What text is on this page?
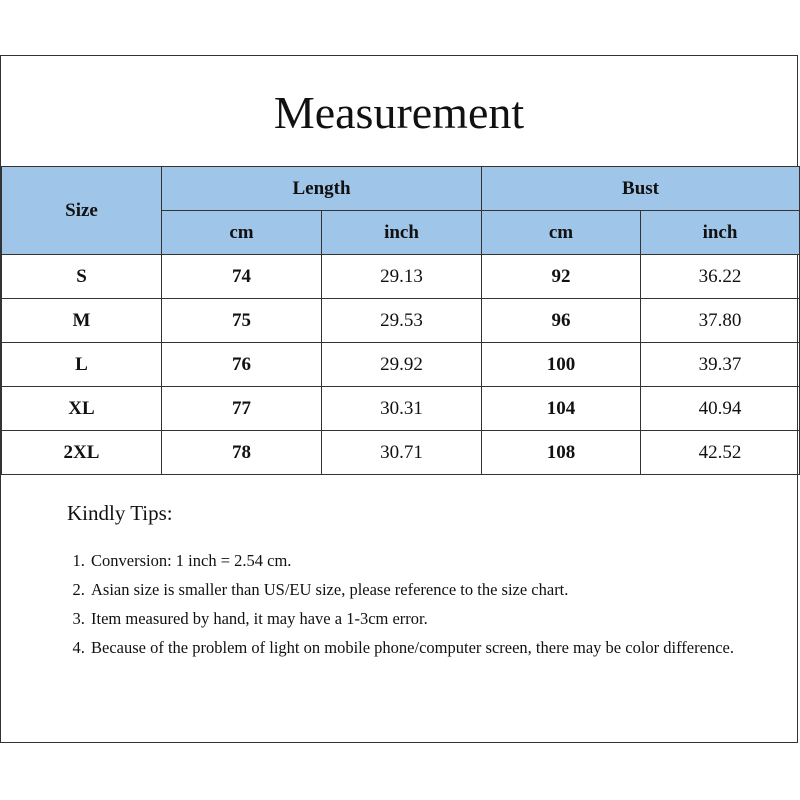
Measurement
Size	Length		Bust	
	cm	inch	cm	inch
S	74	29.13	92	36.22
M	75	29.53	96	37.80
L	76	29.92	100	39.37
XL	77	30.31	104	40.94
2XL	78	30.71	108	42.52
Kindly Tips:
1. Conversion: 1 inch = 2.54 cm.
2. Asian size is smaller than US/EU size, please reference to the size chart.
3. Item measured by hand, it may have a 1-3cm error.
4. Because of the problem of light on mobile phone/computer screen, there may be color difference.
